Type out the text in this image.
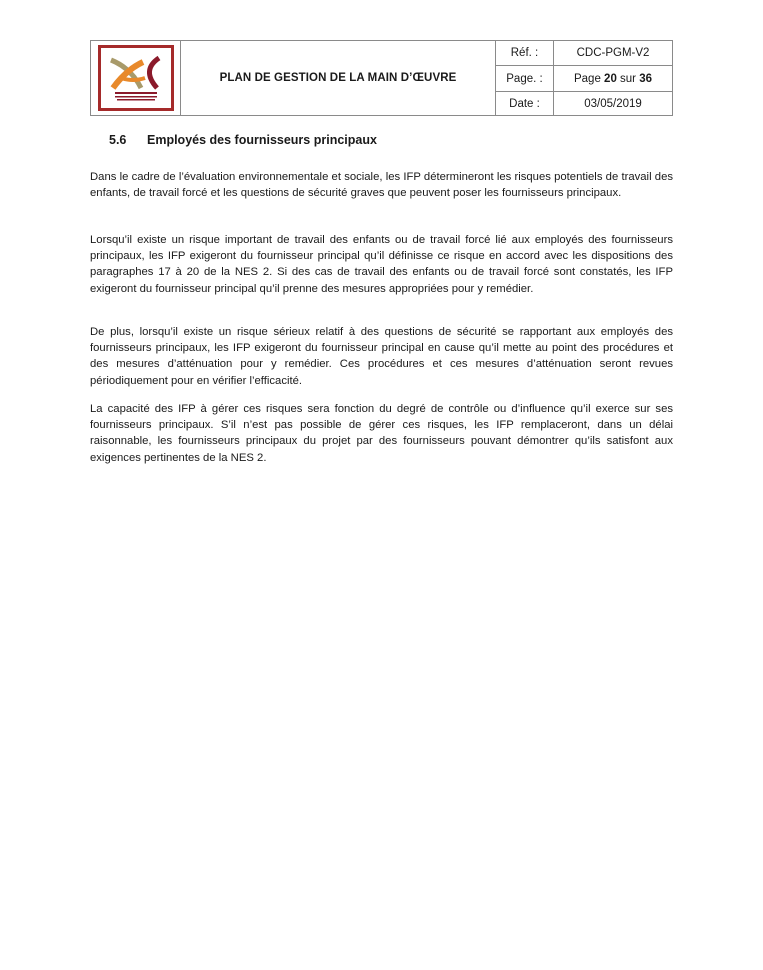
PLAN DE GESTION DE LA MAIN D’ŒUVRE
Réf. :	CDC-PGM-V2
Page. :	Page 20 sur 36
Date :	03/05/2019
5.6 Employés des fournisseurs principaux

Dans le cadre de l’évaluation environnementale et sociale, les IFP détermineront les risques potentiels de travail des enfants, de travail forcé et les questions de sécurité graves que peuvent poser les fournisseurs principaux.

Lorsqu’il existe un risque important de travail des enfants ou de travail forcé lié aux employés des fournisseurs principaux, les IFP exigeront du fournisseur principal qu’il définisse ce risque en accord avec les dispositions des paragraphes 17 à 20 de la NES 2. Si des cas de travail des enfants ou de travail forcé sont constatés, les IFP exigeront du fournisseur principal qu’il prenne des mesures appropriées pour y remédier.

De plus, lorsqu’il existe un risque sérieux relatif à des questions de sécurité se rapportant aux employés des fournisseurs principaux, les IFP exigeront du fournisseur principal en cause qu’il mette au point des procédures et des mesures d’atténuation pour y remédier. Ces procédures et ces mesures d’atténuation seront revues périodiquement pour en vérifier l’efficacité.

La capacité des IFP à gérer ces risques sera fonction du degré de contrôle ou d’influence qu’il exerce sur ses fournisseurs principaux. S’il n’est pas possible de gérer ces risques, les IFP remplaceront, dans un délai raisonnable, les fournisseurs principaux du projet par des fournisseurs pouvant démontrer qu’ils satisfont aux exigences pertinentes de la NES 2.
